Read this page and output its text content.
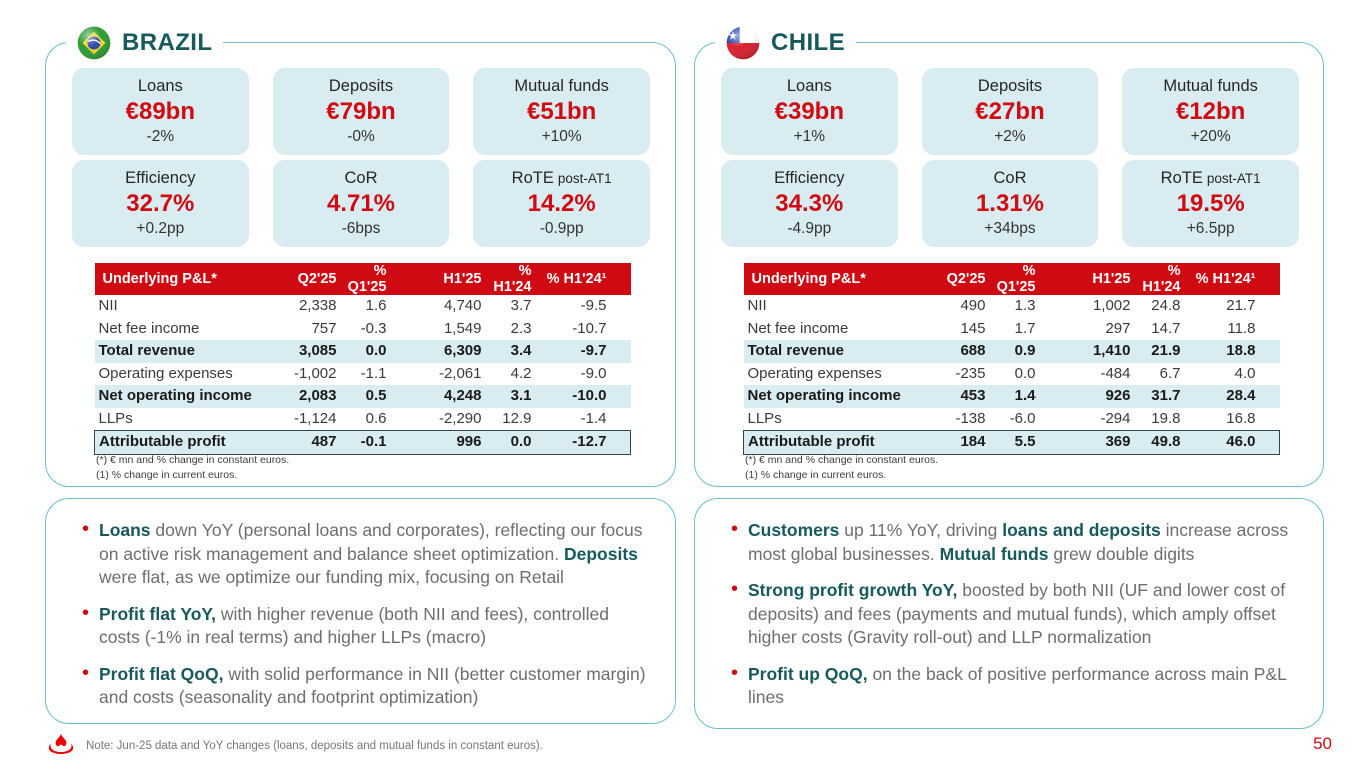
BRAZIL
Loans
€89bn
-2%
Deposits
€79bn
-0%
Mutual funds
€51bn
+10%
Efficiency
32.7%
+0.2pp
CoR
4.71%
-6bps
RoTE post-AT1
14.2%
-0.9pp
Underlying P&L*	Q2'25	% Q1'25	H1'25	% H1'24	% H1'24¹	
NII	2,338	1.6	4,740	3.7	-9.5	
Net fee income	757	-0.3	1,549	2.3	-10.7	
Total revenue	3,085	0.0	6,309	3.4	-9.7	
Operating expenses	-1,002	-1.1	-2,061	4.2	-9.0	
Net operating income	2,083	0.5	4,248	3.1	-10.0	
LLPs	-1,124	0.6	-2,290	12.9	-1.4	
Attributable profit	487	-0.1	996	0.0	-12.7	
(*) € mn and % change in constant euros.
(1) % change in current euros.
CHILE
Loans
€39bn
+1%
Deposits
€27bn
+2%
Mutual funds
€12bn
+20%
Efficiency
34.3%
-4.9pp
CoR
1.31%
+34bps
RoTE post-AT1
19.5%
+6.5pp
Underlying P&L*	Q2'25	% Q1'25	H1'25	% H1'24	% H1'24¹	
NII	490	1.3	1,002	24.8	21.7	
Net fee income	145	1.7	297	14.7	11.8	
Total revenue	688	0.9	1,410	21.9	18.8	
Operating expenses	-235	0.0	-484	6.7	4.0	
Net operating income	453	1.4	926	31.7	28.4	
LLPs	-138	-6.0	-294	19.8	16.8	
Attributable profit	184	5.5	369	49.8	46.0	
(*) € mn and % change in constant euros.
(1) % change in current euros.
• Loans down YoY (personal loans and corporates), reflecting our focus on active risk management and balance sheet optimization. Deposits were flat, as we optimize our funding mix, focusing on Retail
• Profit flat YoY, with higher revenue (both NII and fees), controlled costs (-1% in real terms) and higher LLPs (macro)
• Profit flat QoQ, with solid performance in NII (better customer margin) and costs (seasonality and footprint optimization)
• Customers up 11% YoY, driving loans and deposits increase across most global businesses. Mutual funds grew double digits
• Strong profit growth YoY, boosted by both NII (UF and lower cost of deposits) and fees (payments and mutual funds), which amply offset higher costs (Gravity roll-out) and LLP normalization
• Profit up QoQ, on the back of positive performance across main P&L lines
Note: Jun-25 data and YoY changes (loans, deposits and mutual funds in constant euros).	50
